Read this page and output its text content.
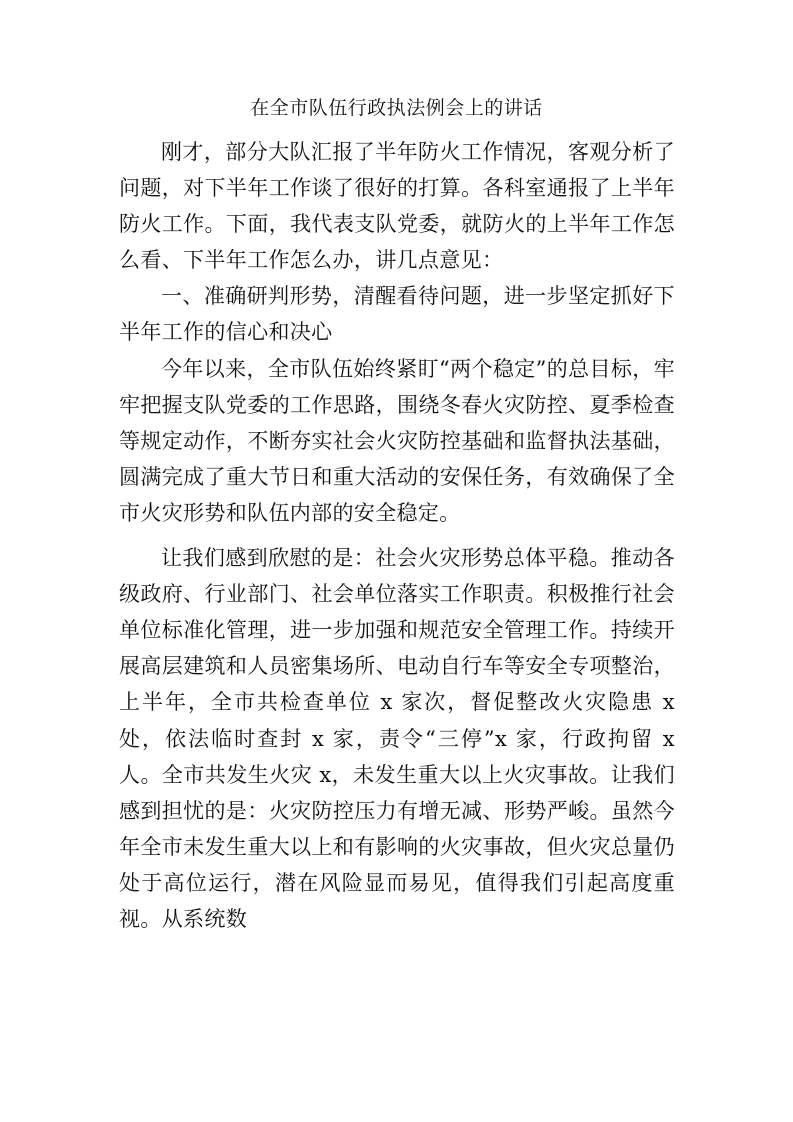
在全市队伍行政执法例会上的讲话

刚才，部分大队汇报了半年防火工作情况，客观分析了问题，对下半年工作谈了很好的打算。各科室通报了上半年防火工作。下面，我代表支队党委，就防火的上半年工作怎么看、下半年工作怎么办，讲几点意见：

一、准确研判形势，清醒看待问题，进一步坚定抓好下半年工作的信心和决心

今年以来，全市队伍始终紧盯“两个稳定”的总目标，牢牢把握支队党委的工作思路，围绕冬春火灾防控、夏季检查等规定动作，不断夯实社会火灾防控基础和监督执法基础，圆满完成了重大节日和重大活动的安保任务，有效确保了全市火灾形势和队伍内部的安全稳定。

让我们感到欣慰的是：社会火灾形势总体平稳。推动各级政府、行业部门、社会单位落实工作职责。积极推行社会单位标准化管理，进一步加强和规范安全管理工作。持续开展高层建筑和人员密集场所、电动自行车等安全专项整治，上半年，全市共检查单位 x 家次，督促整改火灾隐患 x 处，依法临时查封 x 家，责令“三停”x 家，行政拘留 x 人。全市共发生火灾 x，未发生重大以上火灾事故。让我们感到担忧的是：火灾防控压力有增无减、形势严峻。虽然今年全市未发生重大以上和有影响的火灾事故，但火灾总量仍处于高位运行，潜在风险显而易见，值得我们引起高度重视。从系统数
